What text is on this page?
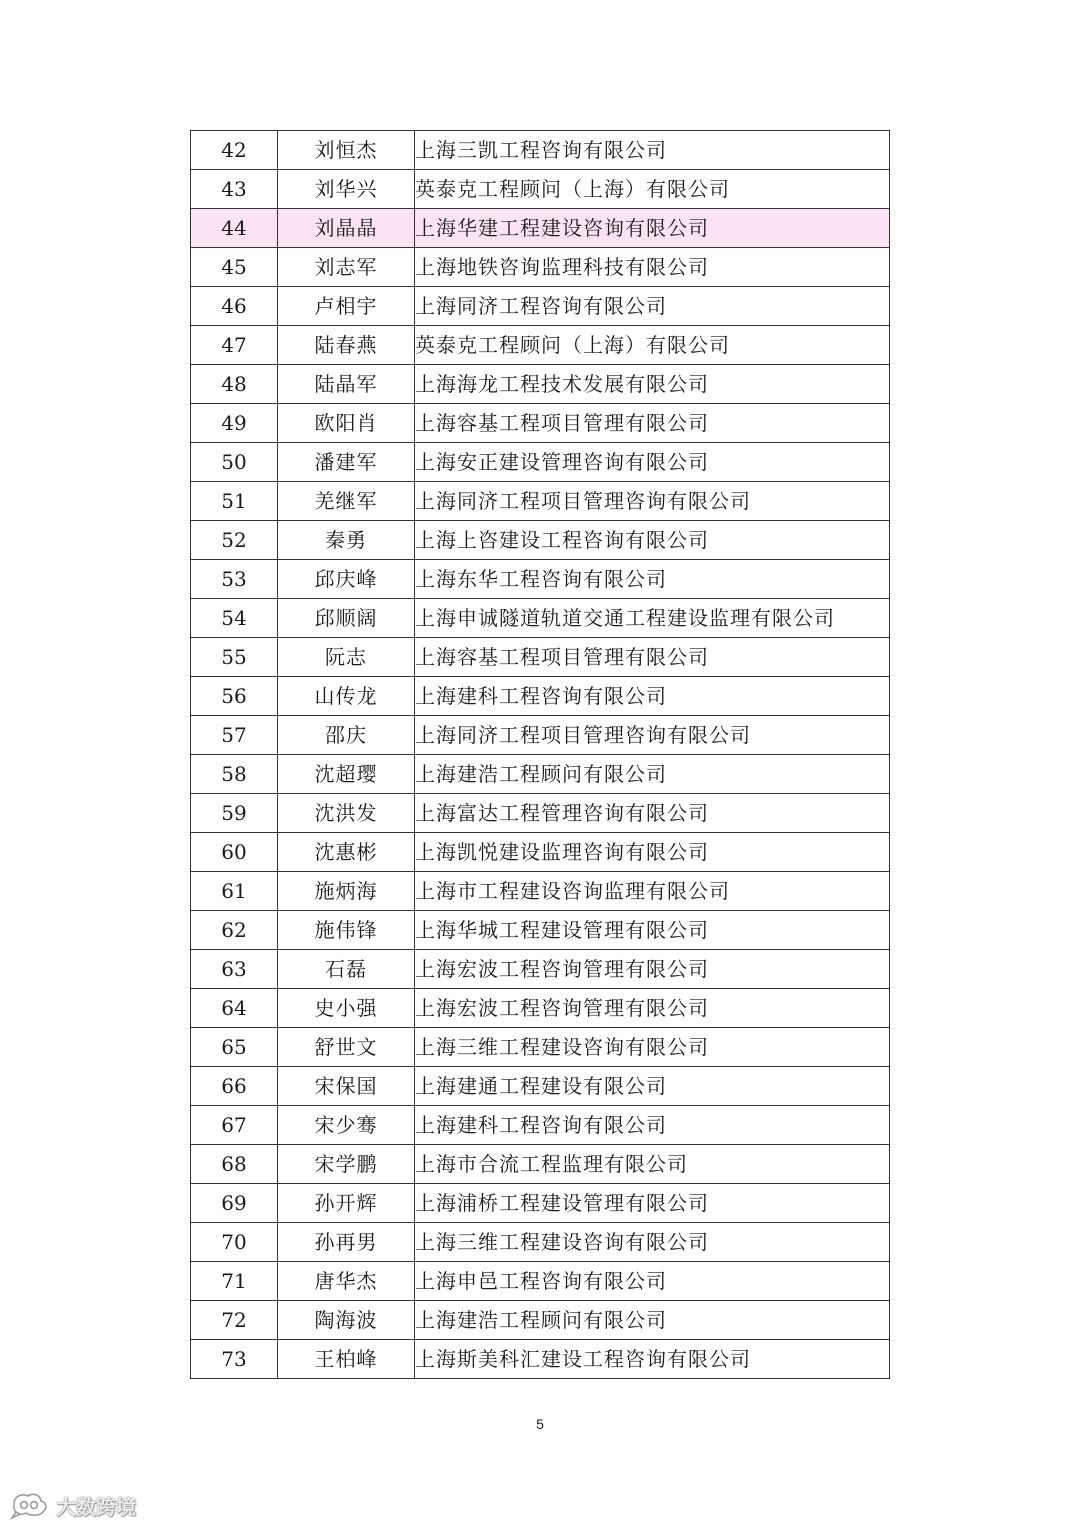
42	刘恒杰	上海三凯工程咨询有限公司
43	刘华兴	英泰克工程顾问（上海）有限公司
44	刘晶晶	上海华建工程建设咨询有限公司
45	刘志军	上海地铁咨询监理科技有限公司
46	卢相宇	上海同济工程咨询有限公司
47	陆春燕	英泰克工程顾问（上海）有限公司
48	陆晶军	上海海龙工程技术发展有限公司
49	欧阳肖	上海容基工程项目管理有限公司
50	潘建军	上海安正建设管理咨询有限公司
51	羌继军	上海同济工程项目管理咨询有限公司
52	秦勇	上海上咨建设工程咨询有限公司
53	邱庆峰	上海东华工程咨询有限公司
54	邱顺阔	上海申诚隧道轨道交通工程建设监理有限公司
55	阮志	上海容基工程项目管理有限公司
56	山传龙	上海建科工程咨询有限公司
57	邵庆	上海同济工程项目管理咨询有限公司
58	沈超璎	上海建浩工程顾问有限公司
59	沈洪发	上海富达工程管理咨询有限公司
60	沈惠彬	上海凯悦建设监理咨询有限公司
61	施炳海	上海市工程建设咨询监理有限公司
62	施伟锋	上海华城工程建设管理有限公司
63	石磊	上海宏波工程咨询管理有限公司
64	史小强	上海宏波工程咨询管理有限公司
65	舒世文	上海三维工程建设咨询有限公司
66	宋保国	上海建通工程建设有限公司
67	宋少骞	上海建科工程咨询有限公司
68	宋学鹏	上海市合流工程监理有限公司
69	孙开辉	上海浦桥工程建设管理有限公司
70	孙再男	上海三维工程建设咨询有限公司
71	唐华杰	上海申邑工程咨询有限公司
72	陶海波	上海建浩工程顾问有限公司
73	王柏峰	上海斯美科汇建设工程咨询有限公司
5
大数跨境
